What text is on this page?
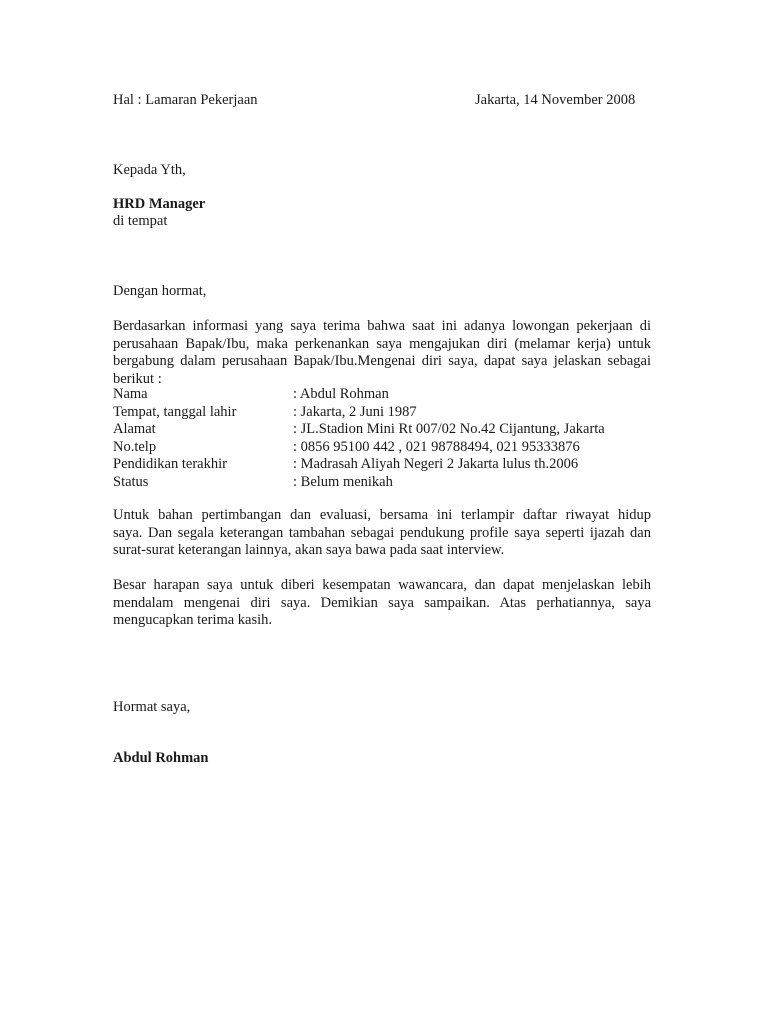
Hal : Lamaran Pekerjaan	Jakarta, 14 November 2008
Kepada Yth,
HRD Manager
di tempat
Dengan hormat,
Berdasarkan informasi yang saya terima bahwa saat ini adanya lowongan pekerjaan di
perusahaan Bapak/Ibu, maka perkenankan saya mengajukan diri (melamar kerja) untuk
bergabung dalam perusahaan Bapak/Ibu.Mengenai diri saya, dapat saya jelaskan sebagai
berikut :
Nama	: Abdul Rohman
Tempat, tanggal lahir	: Jakarta, 2 Juni 1987
Alamat	: JL.Stadion Mini Rt 007/02 No.42 Cijantung, Jakarta
No.telp	: 0856 95100 442 , 021 98788494, 021 95333876
Pendidikan terakhir	: Madrasah Aliyah Negeri 2 Jakarta lulus th.2006
Status	: Belum menikah
Untuk bahan pertimbangan dan evaluasi, bersama ini terlampir daftar riwayat hidup
saya. Dan segala keterangan tambahan sebagai pendukung profile saya seperti ijazah dan
surat-surat keterangan lainnya, akan saya bawa pada saat interview.
Besar harapan saya untuk diberi kesempatan wawancara, dan dapat menjelaskan lebih
mendalam mengenai diri saya. Demikian saya sampaikan. Atas perhatiannya, saya
mengucapkan terima kasih.
Hormat saya,
Abdul Rohman
